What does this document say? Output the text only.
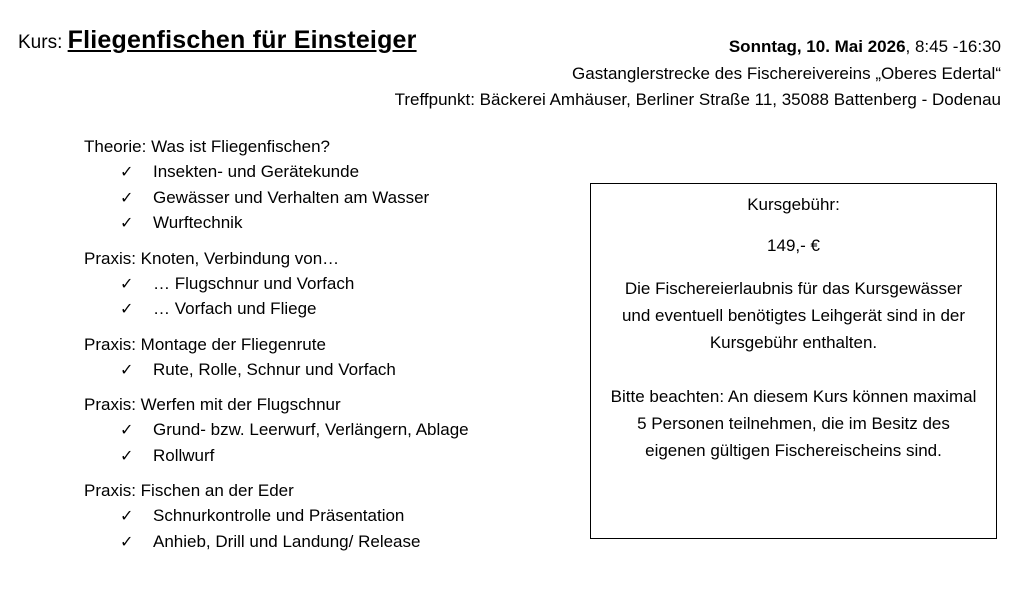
Kurs: Fliegenfischen für Einsteiger	Sonntag, 10. Mai 2026, 8:45 -16:30
Gastanglerstrecke des Fischereivereins „Oberes Edertal“
Treffpunkt: Bäckerei Amhäuser, Berliner Straße 11, 35088 Battenberg - Dodenau
Theorie: Was ist Fliegenfischen?
✓	Insekten- und Gerätekunde
✓	Gewässer und Verhalten am Wasser
✓	Wurftechnik
Praxis: Knoten, Verbindung von…
✓	… Flugschnur und Vorfach
✓	… Vorfach und Fliege
Praxis: Montage der Fliegenrute
✓	Rute, Rolle, Schnur und Vorfach
Praxis: Werfen mit der Flugschnur
✓	Grund- bzw. Leerwurf, Verlängern, Ablage
✓	Rollwurf
Praxis: Fischen an der Eder
✓	Schnurkontrolle und Präsentation
✓	Anhieb, Drill und Landung/ Release
Kursgebühr:
149,- €
Die Fischereierlaubnis für das Kursgewässer und eventuell benötigtes Leihgerät sind in der Kursgebühr enthalten.
Bitte beachten: An diesem Kurs können maximal 5 Personen teilnehmen, die im Besitz des eigenen gültigen Fischereischeins sind.
